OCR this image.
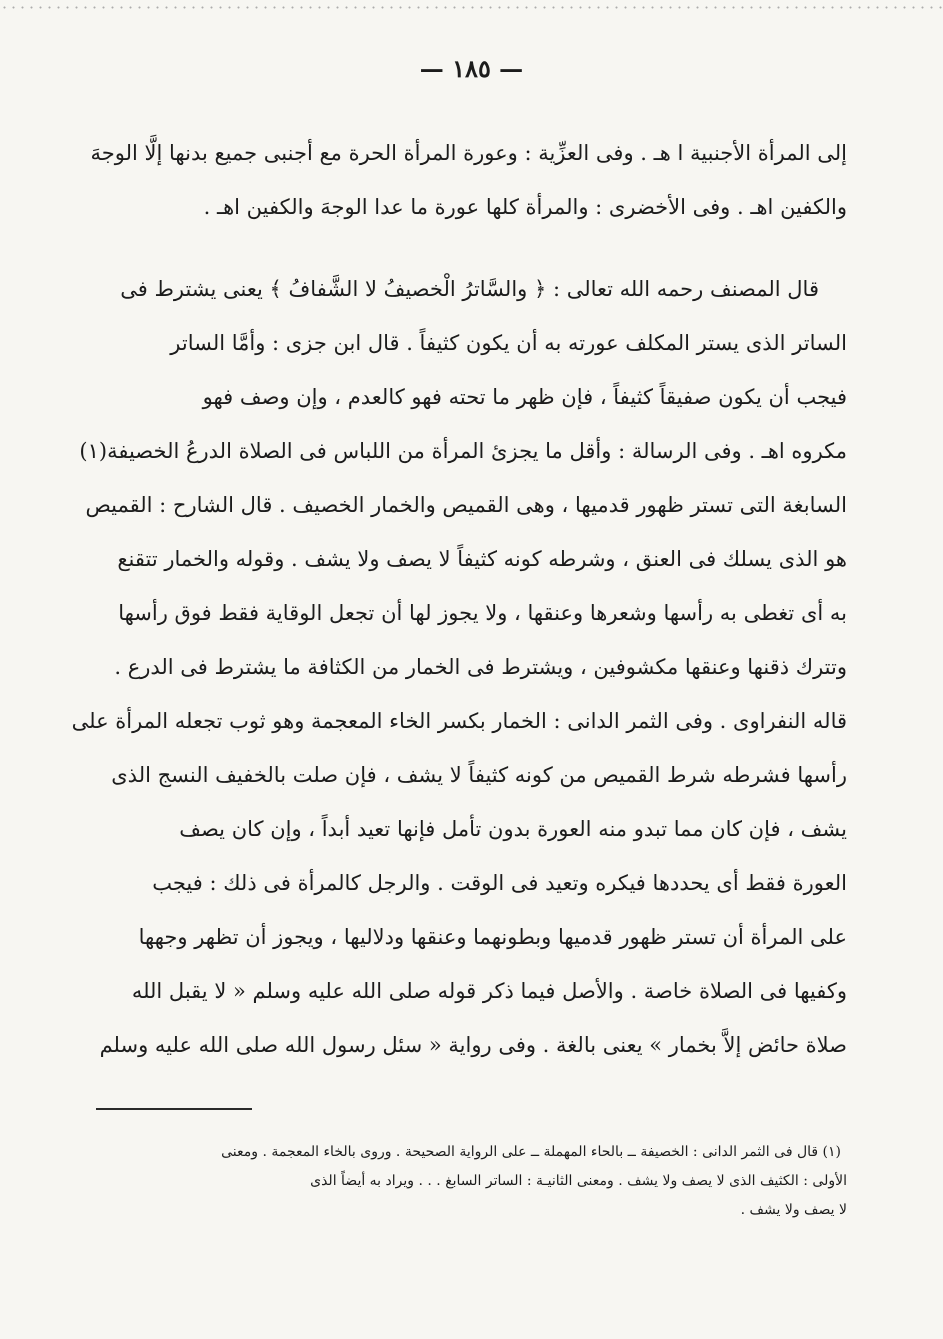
— ١٨٥ —
إلى المرأة الأجنبية ا هـ . وفى العزِّية : وعورة المرأة الحرة مع أجنبى جميع بدنها إلَّا الوجهَ
والكفين اهـ . وفى الأخضرى : والمرأة كلها عورة ما عدا الوجهَ والكفين اهـ .
قال المصنف رحمه الله تعالى : ﴿ والسَّاترُ الْخصيفُ لا الشَّفافُ ﴾ يعنى يشترط فى
الساتر الذى يستر المكلف عورته به أن يكون كثيفاً . قال ابن جزى : وأمَّا الساتر
فيجب أن يكون صفيقاً كثيفاً ، فإن ظهر ما تحته فهو كالعدم ، وإن وصف فهو
مكروه اهـ . وفى الرسالة : وأقل ما يجزئ المرأة من اللباس فى الصلاة الدرعُ الخصيفة(١)
السابغة التى تستر ظهور قدميها ، وهى القميص والخمار الخصيف . قال الشارح : القميص
هو الذى يسلك فى العنق ، وشرطه كونه كثيفاً لا يصف ولا يشف . وقوله والخمار تتقنع
به أى تغطى به رأسها وشعرها وعنقها ، ولا يجوز لها أن تجعل الوقاية فقط فوق رأسها
وتترك ذقنها وعنقها مكشوفين ، ويشترط فى الخمار من الكثافة ما يشترط فى الدرع .
قاله النفراوى . وفى الثمر الدانى : الخمار بكسر الخاء المعجمة وهو ثوب تجعله المرأة على
رأسها فشرطه شرط القميص من كونه كثيفاً لا يشف ، فإن صلت بالخفيف النسج الذى
يشف ، فإن كان مما تبدو منه العورة بدون تأمل فإنها تعيد أبداً ، وإن كان يصف
العورة فقط أى يحددها فيكره وتعيد فى الوقت . والرجل كالمرأة فى ذلك : فيجب
على المرأة أن تستر ظهور قدميها وبطونهما وعنقها ودلاليها ، ويجوز أن تظهر وجهها
وكفيها فى الصلاة خاصة . والأصل فيما ذكر قوله صلى الله عليه وسلم « لا يقبل الله
صلاة حائض إلاَّ بخمار » يعنى بالغة . وفى رواية « سئل رسول الله صلى الله عليه وسلم
(١) قال فى الثمر الدانى : الخصيفة ــ بالحاء المهملة ــ على الرواية الصحيحة . وروى بالخاء المعجمة . ومعنى
الأولى : الكثيف الذى لا يصف ولا يشف . ومعنى الثانيـة : الساتر السابغ . . . ويراد به أيضاً الذى
لا يصف ولا يشف .
